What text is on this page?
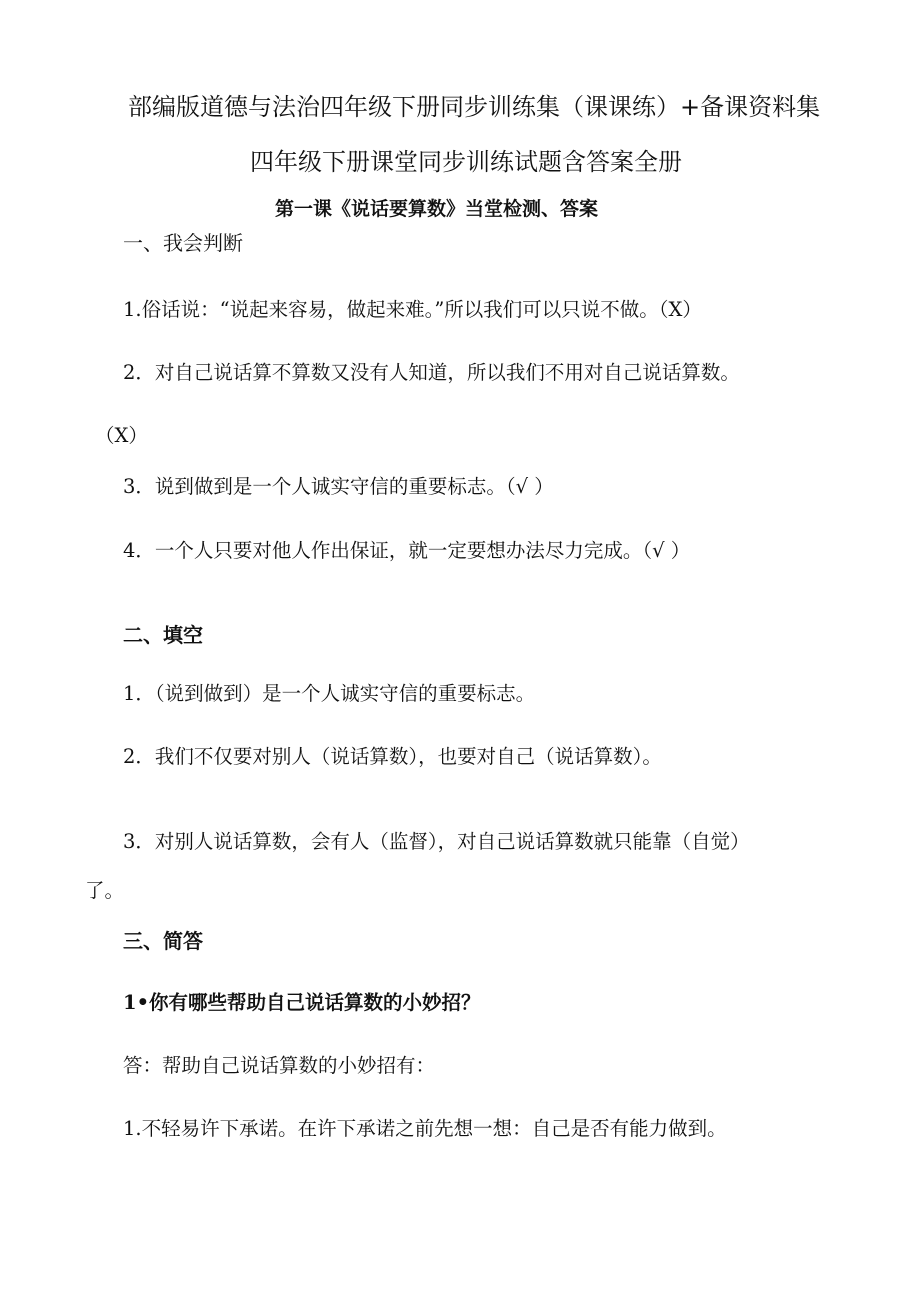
部编版道德与法治四年级下册同步训练集（课课练）+备课资料集
四年级下册课堂同步训练试题含答案全册
第一课《说话要算数》当堂检测、答案
一、我会判断
1.俗话说：“说起来容易，做起来难。”所以我们可以只说不做。（X）
2．对自己说话算不算数又没有人知道，所以我们不用对自己说话算数。
（X）
3．说到做到是一个人诚实守信的重要标志。（√ ）
4．一个人只要对他人作出保证，就一定要想办法尽力完成。（√ ）
二、填空
1．（说到做到）是一个人诚实守信的重要标志。
2．我们不仅要对别人（说话算数），也要对自己（说话算数）。
3．对别人说话算数，会有人（监督），对自己说话算数就只能靠（自觉）
了。
三、简答
1•你有哪些帮助自己说话算数的小妙招？
答：帮助自己说话算数的小妙招有：
1.不轻易许下承诺。在许下承诺之前先想一想：自己是否有能力做到。
